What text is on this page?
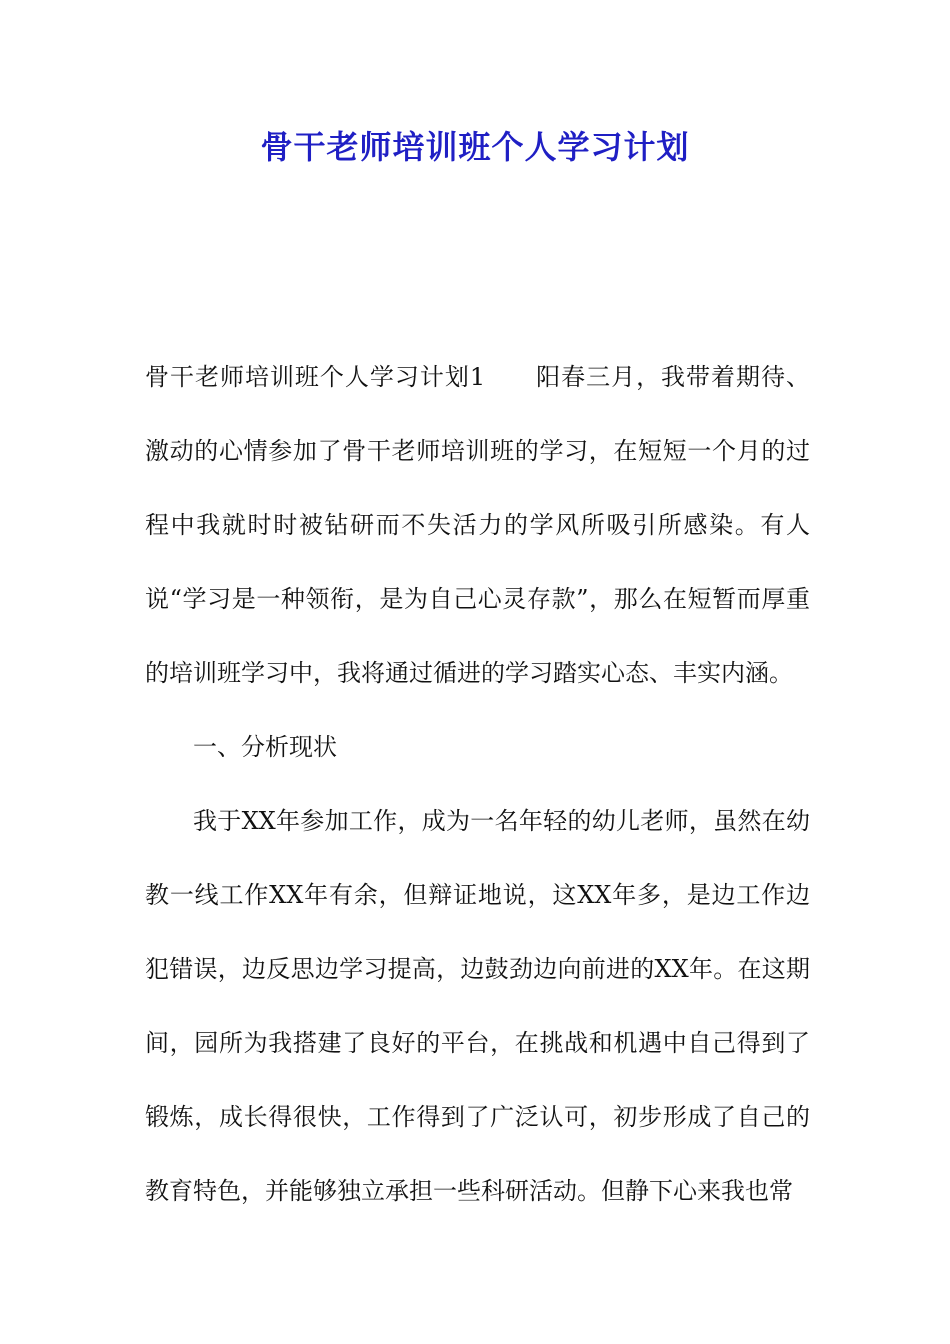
骨干老师培训班个人学习计划

骨干老师培训班个人学习计划1 阳春三月，我带着期待、激动的心情参加了骨干老师培训班的学习，在短短一个月的过程中我就时时被钻研而不失活力的学风所吸引所感染。有人说“学习是一种领衔，是为自己心灵存款”，那么在短暂而厚重的培训班学习中，我将通过循进的学习踏实心态、丰实内涵。

一、分析现状

我于XX年参加工作，成为一名年轻的幼儿老师，虽然在幼教一线工作XX年有余，但辩证地说，这XX年多，是边工作边犯错误，边反思边学习提高，边鼓劲边向前进的XX年。在这期间，园所为我搭建了良好的平台，在挑战和机遇中自己得到了锻炼，成长得很快，工作得到了广泛认可，初步形成了自己的教育特色，并能够独立承担一些科研活动。但静下心来我也常
